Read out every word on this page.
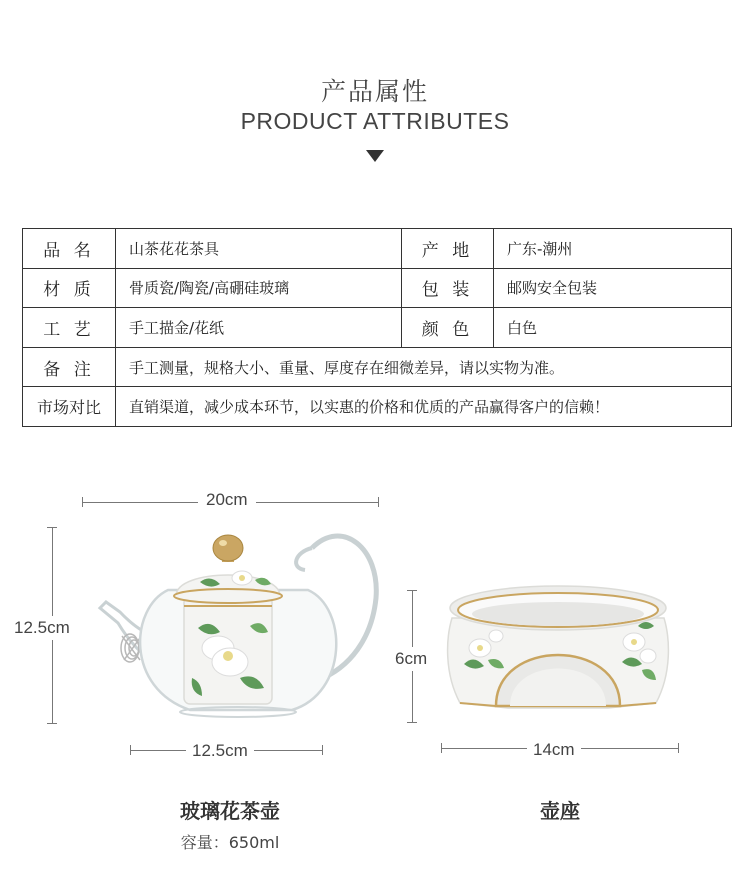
产品属性
PRODUCT ATTRIBUTES
品 名	山茶花花茶具	产 地	广东-潮州
材 质	骨质瓷/陶瓷/高硼硅玻璃	包 装	邮购安全包装
工 艺	手工描金/花纸	颜 色	白色
备 注	手工测量，规格大小、重量、厚度存在细微差异，请以实物为准。		
市场对比	直销渠道，减少成本环节，以实惠的价格和优质的产品赢得客户的信赖！		
20cm
12.5cm
12.5cm
玻璃花茶壶
容量：650ml
6cm
14cm
壶座
